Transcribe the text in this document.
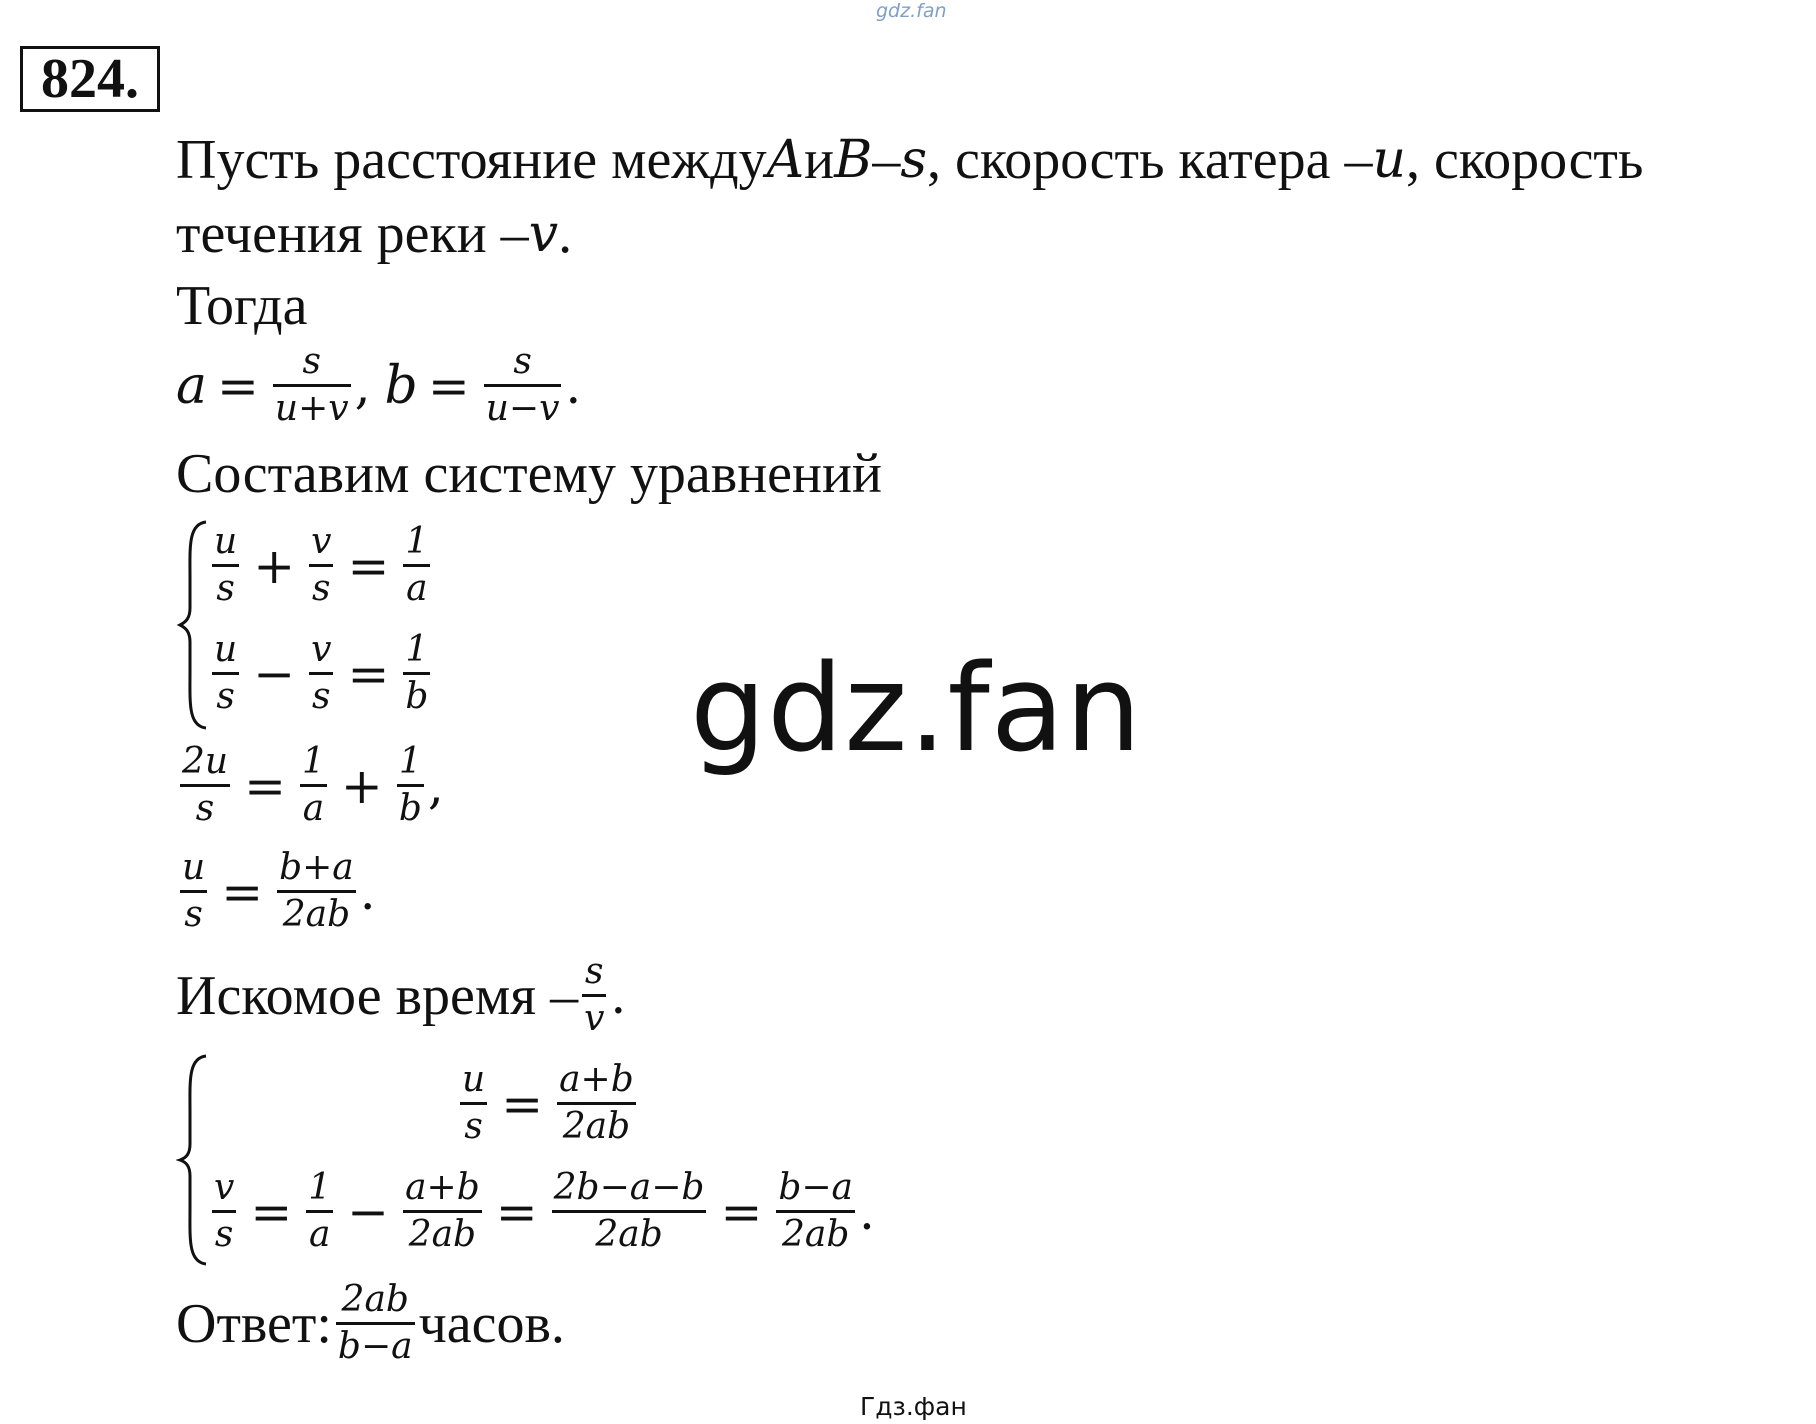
gdz.fan
824.
Пусть расстояние между A и B – s , скорость катера – u , скорость
течения реки – v .
Тогда
$a = \frac{s}{u+v}$ , $b = \frac{s}{u-v}$ .
Составим систему уравнений
$\frac{u}{s} + \frac{v}{s} = \frac{1}{a}$
$\frac{u}{s} - \frac{v}{s} = \frac{1}{b}$
$\frac{2u}{s} = \frac{1}{a} + \frac{1}{b}$ ,
$\frac{u}{s} = \frac{b+a}{2ab}$ .
Искомое время – $\frac{s}{v}$ .
$\frac{u}{s} = \frac{a+b}{2ab}$
$\frac{v}{s} = \frac{1}{a} - \frac{a+b}{2ab} = \frac{2b-a-b}{2ab} = \frac{b-a}{2ab}$ .
Ответ: $\frac{2ab}{b-a}$ часов.
gdz.fan
Гдз.фан
